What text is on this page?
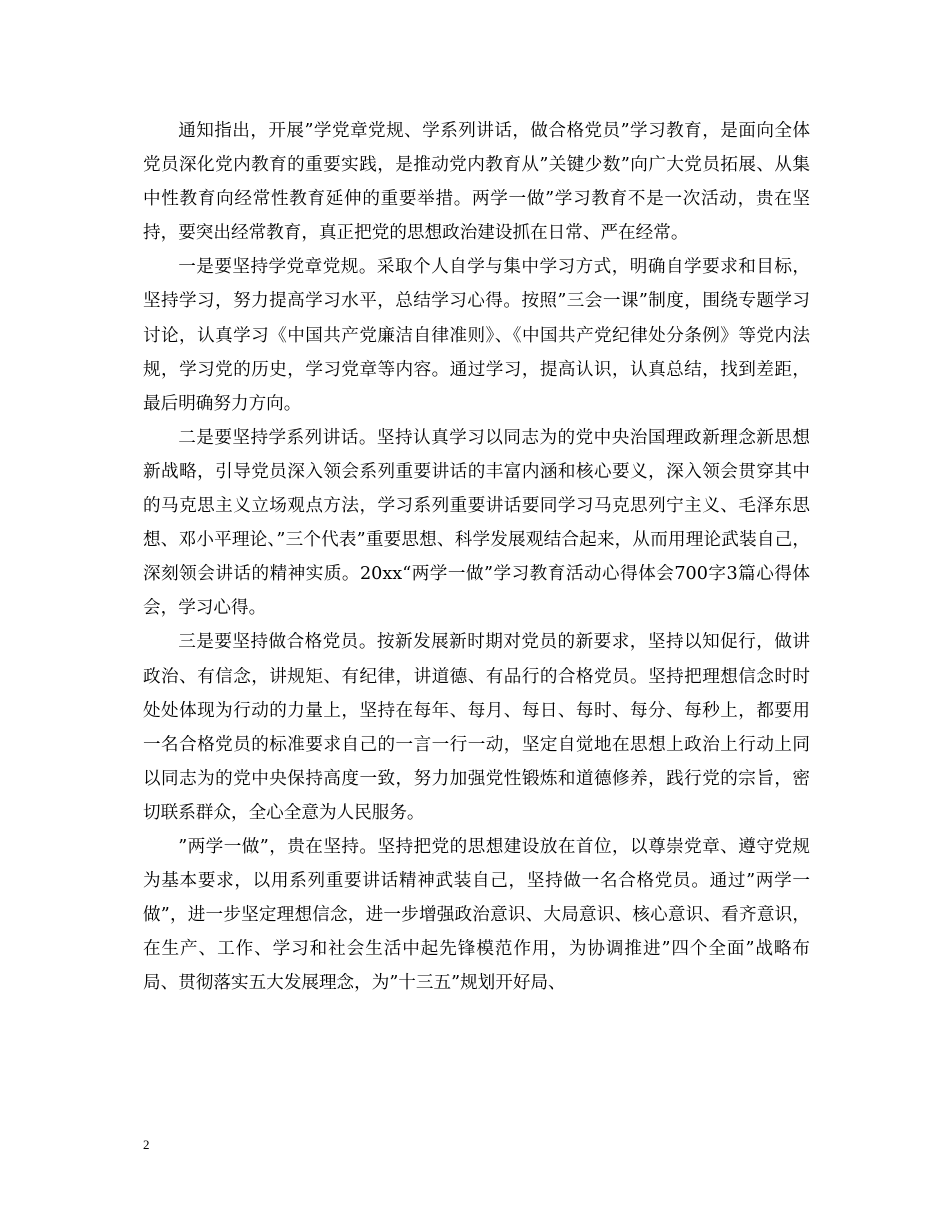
通知指出，开展”学党章党规、学系列讲话，做合格党员”学习教育，是面向全体党员深化党内教育的重要实践，是推动党内教育从”关键少数”向广大党员拓展、从集中性教育向经常性教育延伸的重要举措。两学一做”学习教育不是一次活动，贵在坚持，要突出经常教育，真正把党的思想政治建设抓在日常、严在经常。

一是要坚持学党章党规。采取个人自学与集中学习方式，明确自学要求和目标，坚持学习，努力提高学习水平，总结学习心得。按照”三会一课”制度，围绕专题学习讨论，认真学习《中国共产党廉洁自律准则》、《中国共产党纪律处分条例》等党内法规，学习党的历史，学习党章等内容。通过学习，提高认识，认真总结，找到差距，最后明确努力方向。

二是要坚持学系列讲话。坚持认真学习以同志为的党中央治国理政新理念新思想新战略，引导党员深入领会系列重要讲话的丰富内涵和核心要义，深入领会贯穿其中的马克思主义立场观点方法，学习系列重要讲话要同学习马克思列宁主义、毛泽东思想、邓小平理论、”三个代表”重要思想、科学发展观结合起来，从而用理论武装自己，深刻领会讲话的精神实质。20xx“两学一做”学习教育活动心得体会700字3篇心得体会，学习心得。

三是要坚持做合格党员。按新发展新时期对党员的新要求，坚持以知促行，做讲政治、有信念，讲规矩、有纪律，讲道德、有品行的合格党员。坚持把理想信念时时处处体现为行动的力量上，坚持在每年、每月、每日、每时、每分、每秒上，都要用一名合格党员的标准要求自己的一言一行一动，坚定自觉地在思想上政治上行动上同以同志为的党中央保持高度一致，努力加强党性锻炼和道德修养，践行党的宗旨，密切联系群众，全心全意为人民服务。

”两学一做”，贵在坚持。坚持把党的思想建设放在首位，以尊崇党章、遵守党规为基本要求，以用系列重要讲话精神武装自己，坚持做一名合格党员。通过”两学一做”，进一步坚定理想信念，进一步增强政治意识、大局意识、核心意识、看齐意识，在生产、工作、学习和社会生活中起先锋模范作用，为协调推进”四个全面”战略布局、贯彻落实五大发展理念，为”十三五”规划开好局、

2
